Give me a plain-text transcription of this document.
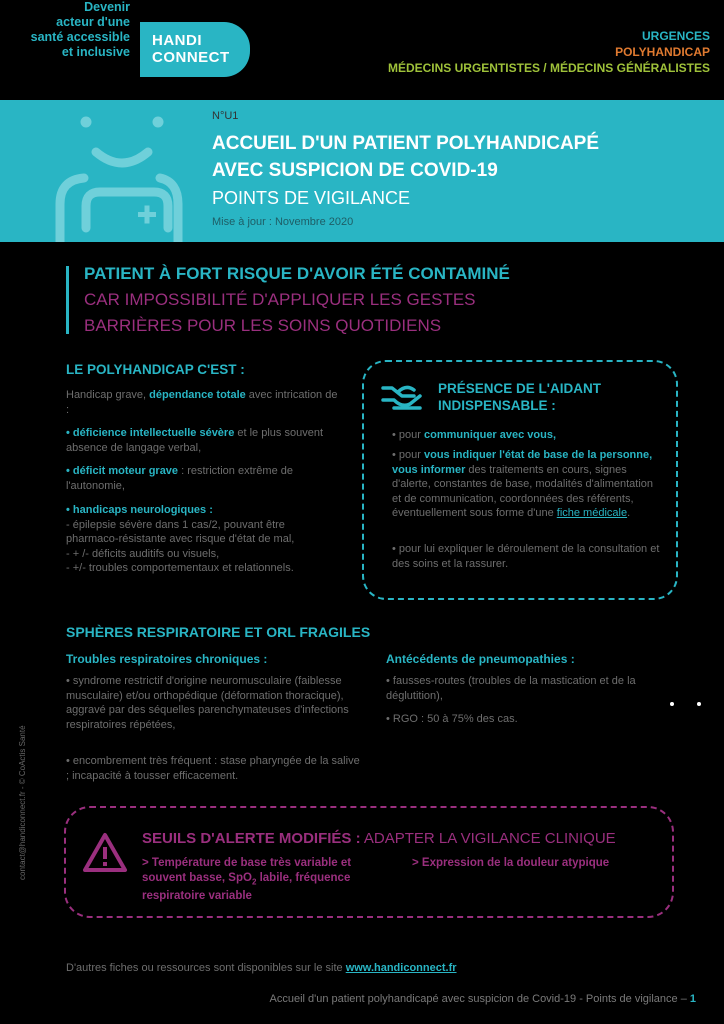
Devenir
acteur d'une
santé accessible
et inclusive
HANDI
CONNECT
URGENCES
POLYHANDICAP
MÉDECINS URGENTISTES / MÉDECINS GÉNÉRALISTES
N°U1
ACCUEIL D'UN PATIENT POLYHANDICAPÉ
AVEC SUSPICION DE COVID-19
POINTS DE VIGILANCE
Mise à jour : Novembre 2020
PATIENT À FORT RISQUE D'AVOIR ÉTÉ CONTAMINÉ
CAR IMPOSSIBILITÉ D'APPLIQUER LES GESTES
BARRIÈRES POUR LES SOINS QUOTIDIENS
LE POLYHANDICAP C'EST :
Handicap grave, dépendance totale avec intrication de :
• déficience intellectuelle sévère et le plus souvent absence de langage verbal,
• déficit moteur grave : restriction extrême de l'autonomie,
• handicaps neurologiques :
- épilepsie sévère dans 1 cas/2, pouvant être
pharmaco-résistante avec risque d'état de mal,
- + /- déficits auditifs ou visuels,
- +/- troubles comportementaux et relationnels.
PRÉSENCE DE L'AIDANT
INDISPENSABLE :
• pour communiquer avec vous,
• pour vous indiquer l'état de base de la personne, vous informer des traitements en cours, signes d'alerte, constantes de base, modalités d'alimentation et de communication, coordonnées des référents, éventuellement sous forme d'une fiche médicale.
• pour lui expliquer le déroulement de la consultation et des soins et la rassurer.
SPHÈRES RESPIRATOIRE ET ORL FRAGILES
Troubles respiratoires chroniques :
• syndrome restrictif d'origine neuromusculaire (faiblesse musculaire) et/ou orthopédique (déformation thoracique), aggravé par des séquelles parenchymateuses d'infections respiratoires répétées,
• encombrement très fréquent : stase pharyngée de la salive ; incapacité à tousser efficacement.
Antécédents de pneumopathies :
• fausses-routes (troubles de la mastication et de la déglutition),
• RGO : 50 à 75% des cas.
SEUILS D'ALERTE MODIFIÉS : ADAPTER LA VIGILANCE CLINIQUE
> Température de base très variable et souvent basse, SpO$_2$ labile, fréquence respiratoire variable
> Expression de la douleur atypique
D'autres fiches ou ressources sont disponibles sur le site www.handiconnect.fr
Accueil d'un patient polyhandicapé avec suspicion de Covid-19 - Points de vigilance – 1
contact@handiconnect.fr - © CoActis Santé
